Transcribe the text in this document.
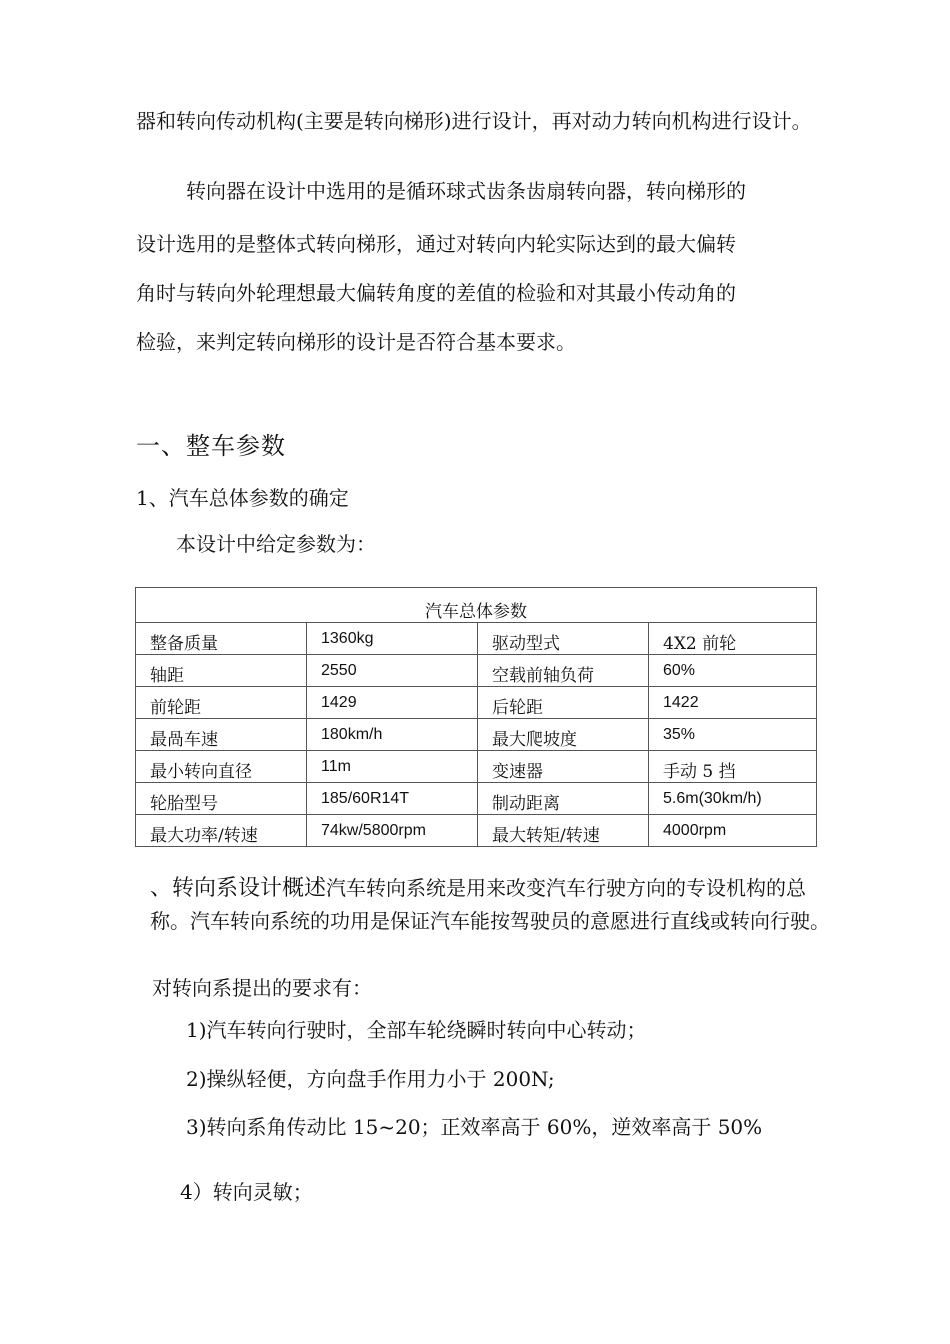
器和转向传动机构(主要是转向梯形)进行设计，再对动力转向机构进行设计。
转向器在设计中选用的是循环球式齿条齿扇转向器，转向梯形的
设计选用的是整体式转向梯形，通过对转向内轮实际达到的最大偏转
角时与转向外轮理想最大偏转角度的差值的检验和对其最小传动角的
检验，来判定转向梯形的设计是否符合基本要求。
一、整车参数
1、汽车总体参数的确定
本设计中给定参数为：
汽车总体参数			
整备质量	1360kg	驱动型式	4X2 前轮
轴距	2550	空载前轴负荷	60%
前轮距	1429	后轮距	1422
最咼车速	180km/h	最大爬坡度	35%
最小转向直径	11m	变速器	手动 5 挡
轮胎型号	185/60R14T	制动距离	5.6m(30km/h)
最大功率/转速	74kw/5800rpm	最大转矩/转速	4000rpm
、转向系设计概述汽车转向系统是用来改变汽车行驶方向的专设机构的总称。汽车转向系统的功用是保证汽车能按驾驶员的意愿进行直线或转向行驶。
对转向系提出的要求有：
1)汽车转向行驶时，全部车轮绕瞬时转向中心转动；
2)操纵轻便，方向盘手作用力小于 200N;
3)转向系角传动比 15~20；正效率高于 60%，逆效率高于 50%
4）转向灵敏；
